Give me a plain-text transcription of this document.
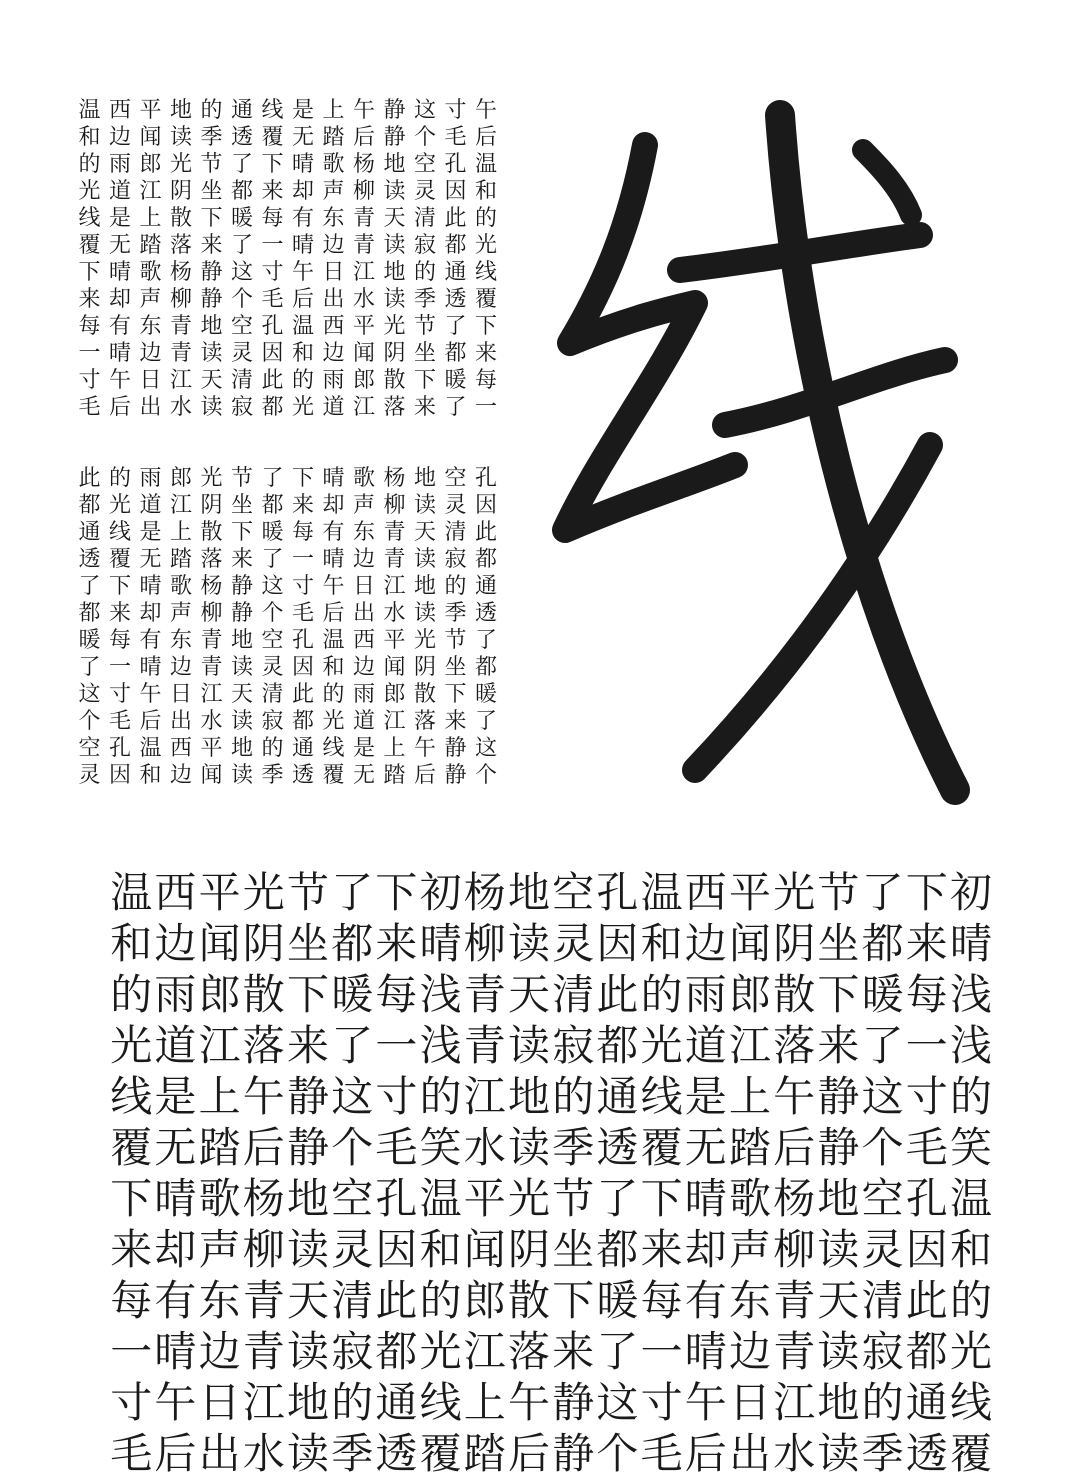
线
午
后
温
和
的
光
线
覆
下
来
每
一
寸
毛
孔
因
此
都
通
透
了
都
暖
了
这
个
空
灵
清
寂
的
季
节
坐
下
来
静
静
地
读
天
读
地
读
光
阴
散
落
午
后
杨
柳
青
青
江
水
平
闻
郎
江
上
踏
歌
声
东
边
日
出
西
边
雨
道
是
无
晴
却
有
晴
午
后
温
和
的
光
线
覆
下
来
每
一
寸
毛
孔
因
此
都
通
透
了
都
暖
了
这
个
空
灵
清
寂
的
季
节
坐
下
来
静
静
地
读
天
读
地
读
光
阴
散
落
杨
柳
青
青
江
水
平
闻
郎
江
上
踏
歌
声
东
边
日
出
西
边
雨
道
是
无
晴
却
有
晴
午
后
温
和
的
光
线
覆
下
来
每
一
寸
毛
孔
因
此
都
通
透
了
都
暖
了
这
个
空
灵
清
寂
的
季
节
坐
下
来
静
静
地
读
天
读
地
读
光
阴
散
落
午
后
杨
柳
青
青
江
水
平
闻
郎
江
上
踏
歌
声
东
边
日
出
西
边
雨
道
是
无
晴
却
有
晴
午
后
温
和
的
光
线
覆
下
来
每
一
寸
毛
孔
因
此
都
通
透
了
都
暖
了
这
个
空
灵
清
寂
的
季
节
坐
下
来
静
静
地
读
天
读
地
读
光
阴
散
落
杨
柳
青
青
江
水
平
闻
郎
江
上
踏
歌
声
东
边
日
出
西
边
雨
道
是
无
晴
却
有
晴
午
后
温
和
的
光
线
覆
下
来
每
一
寸
毛
孔
因
此
都
通
透
了
都
暖
了
这
个
空
灵
初
晴
浅
浅
的
笑
温
和
的
光
线
覆
下
来
每
一
寸
毛
孔
因
此
都
通
透
了
都
暖
了
这
个
空
灵
清
寂
的
季
节
坐
下
来
静
静
地
读
天
读
地
读
光
阴
散
落
午
后
杨
柳
青
青
江
水
平
闻
郎
江
上
踏
歌
声
东
边
日
出
西
边
雨
道
是
无
晴
却
有
晴
午
后
温
和
的
光
线
覆
下
来
每
一
寸
毛
孔
因
此
都
通
透
了
都
暖
了
这
个
空
灵
清
寂
的
季
节
坐
下
来
静
静
地
读
天
读
地
读
光
阴
散
落
午
后
杨
柳
青
青
江
水
平
闻
郎
江
上
踏
初
晴
浅
浅
的
笑
温
和
的
光
线
覆
下
来
每
一
寸
毛
孔
因
此
都
通
透
了
都
暖
了
这
个
空
灵
清
寂
的
季
节
坐
下
来
静
静
地
读
天
读
地
读
光
阴
散
落
午
后
杨
柳
青
青
江
水
平
闻
郎
江
上
踏
歌
声
东
边
日
出
西
边
雨
道
是
无
晴
却
有
晴
午
后
温
和
的
光
线
覆
下
来
每
一
寸
毛
